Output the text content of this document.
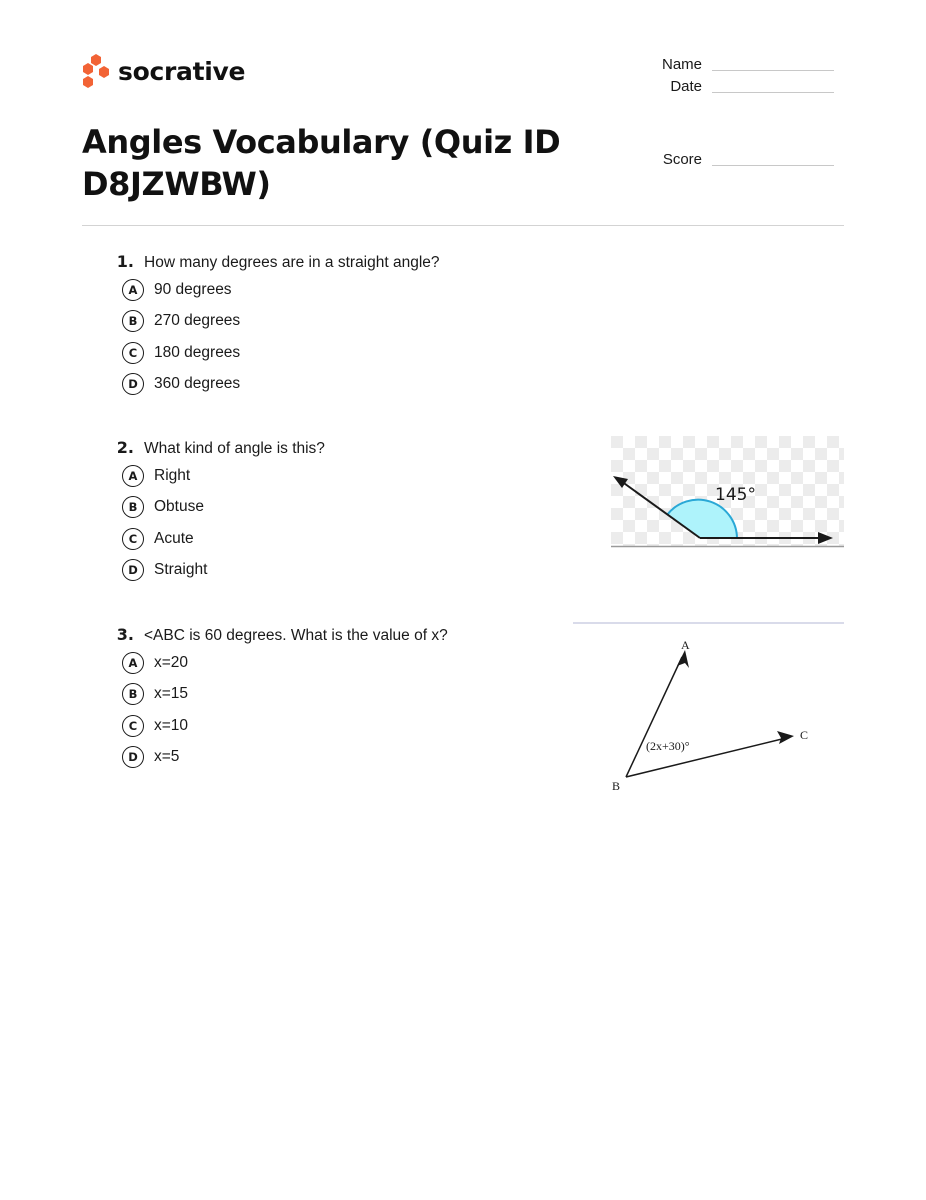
socrative
Angles Vocabulary (Quiz ID D8JZWBW)
Name
Date
Score
1. How many degrees are in a straight angle?
A	90 degrees
B	270 degrees
C	180 degrees
D	360 degrees
2. What kind of angle is this?
A	Right
B	Obtuse
C	Acute
D	Straight
145°
3. <ABC is 60 degrees. What is the value of x?
A	x=20
B	x=15
C	x=10
D	x=5
A
C
B
(2x+30)°
